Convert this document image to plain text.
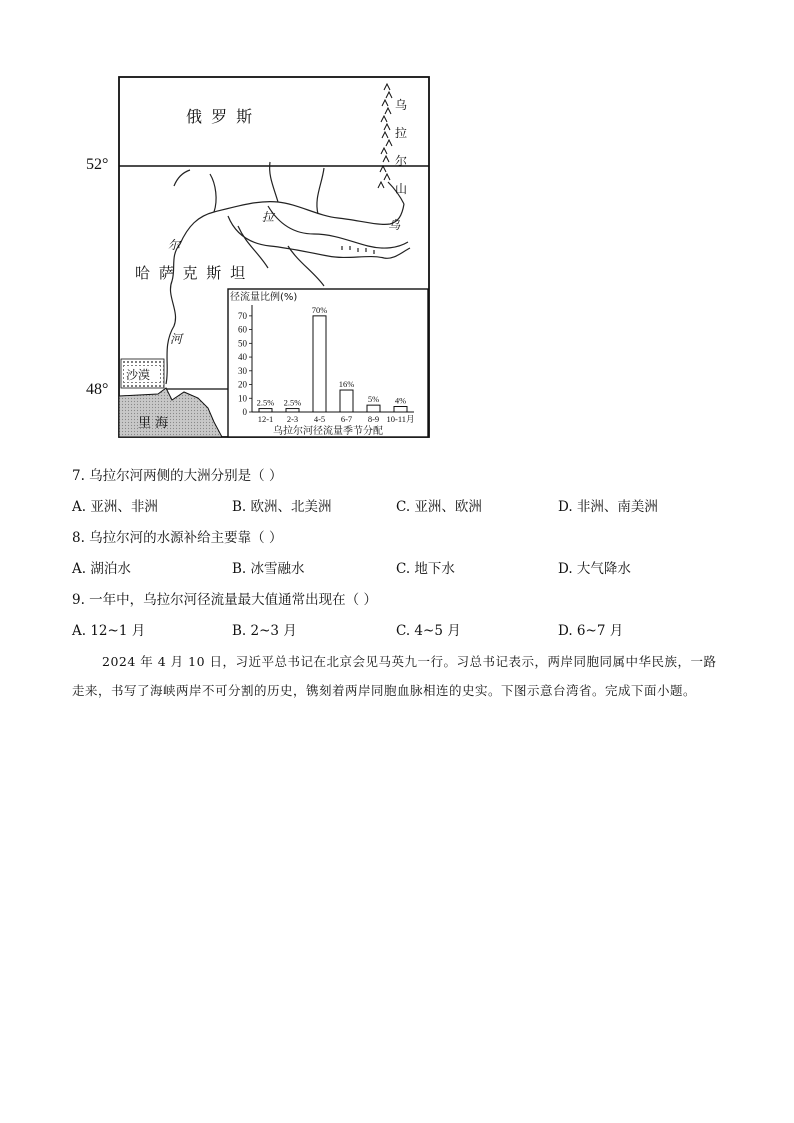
52°
48°
径流量比例(%)
0
10
20
30
40
50
60
70
2.5%
12-1
2.5%
2-3
70%
4-5
16%
6-7
5%
8-9
4%
10-11月
乌拉尔河径流量季节分配
俄 罗 斯
哈 萨 克 斯 坦
沙漠
里 海
乌
拉
尔
山
乌
拉
尔
河
7. 乌拉尔河两侧的大洲分别是（ ）
A. 亚洲、非洲	B. 欧洲、北美洲	C. 亚洲、欧洲	D. 非洲、南美洲
8. 乌拉尔河的水源补给主要靠（ ）
A. 湖泊水	B. 冰雪融水	C. 地下水	D. 大气降水
9. 一年中，乌拉尔河径流量最大值通常出现在（ ）
A. 12~1 月	B. 2~3 月	C. 4~5 月	D. 6~7 月
2024 年 4 月 10 日，习近平总书记在北京会见马英九一行。习总书记表示，两岸同胞同属中华民族，一路走来，书写了海峡两岸不可分割的历史，镌刻着两岸同胞血脉相连的史实。下图示意台湾省。完成下面小题。
